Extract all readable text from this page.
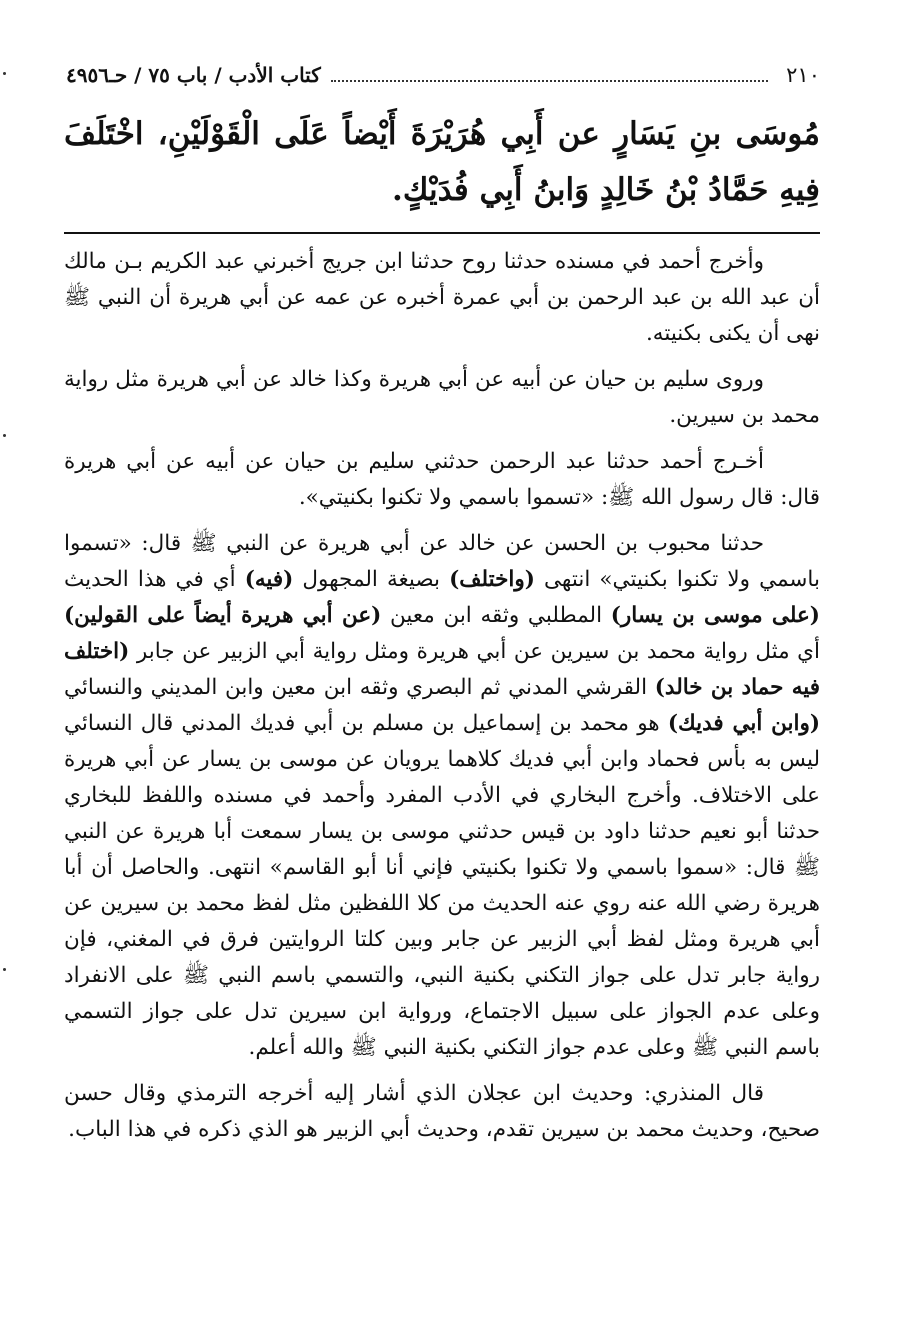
٢١٠
كتاب الأدب / باب ٧٥ / حـ٤٩٥٦
مُوسَى بنِ يَسَارٍ عن أَبِي هُرَيْرَةَ أَيْضاً عَلَى الْقَوْلَيْنِ، اخْتَلَفَ فِيهِ حَمَّادُ بْنُ خَالِدٍ وَابنُ أَبِي فُدَيْكٍ.

وأخرج أحمد في مسنده حدثنا روح حدثنا ابن جريج أخبرني عبد الكريم بـن مالك أن عبد الله بن عبد الرحمن بن أبي عمرة أخبره عن عمه عن أبي هريرة أن النبي ﷺ نهى أن يكنى بكنيته.

وروى سليم بن حيان عن أبيه عن أبي هريرة وكذا خالد عن أبي هريرة مثل رواية محمد بن سيرين.

أخـرج أحمد حدثنا عبد الرحمن حدثني سليم بن حيان عن أبيه عن أبي هريرة قال: قال رسول الله ﷺ: «تسموا باسمي ولا تكنوا بكنيتي».

حدثنا محبوب بن الحسن عن خالد عن أبي هريرة عن النبي ﷺ قال: «تسموا باسمي ولا تكنوا بكنيتي» انتهى (واختلف) بصيغة المجهول (فيه) أي في هذا الحديث (على موسى بن يسار) المطلبي وثقه ابن معين (عن أبي هريرة أيضاً على القولين) أي مثل رواية محمد بن سيرين عن أبي هريرة ومثل رواية أبي الزبير عن جابر (اختلف فيه حماد بن خالد) القرشي المدني ثم البصري وثقه ابن معين وابن المديني والنسائي (وابن أبي فديك) هو محمد بن إسماعيل بن مسلم بن أبي فديك المدني قال النسائي ليس به بأس فحماد وابن أبي فديك كلاهما يرويان عن موسى بن يسار عن أبي هريرة على الاختلاف. وأخرج البخاري في الأدب المفرد وأحمد في مسنده واللفظ للبخاري حدثنا أبو نعيم حدثنا داود بن قيس حدثني موسى بن يسار سمعت أبا هريرة عن النبي ﷺ قال: «سموا باسمي ولا تكنوا بكنيتي فإني أنا أبو القاسم» انتهى. والحاصل أن أبا هريرة رضي الله عنه روي عنه الحديث من كلا اللفظين مثل لفظ محمد بن سيرين عن أبي هريرة ومثل لفظ أبي الزبير عن جابر وبين كلتا الروايتين فرق في المغني، فإن رواية جابر تدل على جواز التكني بكنية النبي، والتسمي باسم النبي ﷺ على الانفراد وعلى عدم الجواز على سبيل الاجتماع، ورواية ابن سيرين تدل على جواز التسمي باسم النبي ﷺ وعلى عدم جواز التكني بكنية النبي ﷺ والله أعلم.

قال المنذري: وحديث ابن عجلان الذي أشار إليه أخرجه الترمذي وقال حسن صحيح، وحديث محمد بن سيرين تقدم، وحديث أبي الزبير هو الذي ذكره في هذا الباب.
